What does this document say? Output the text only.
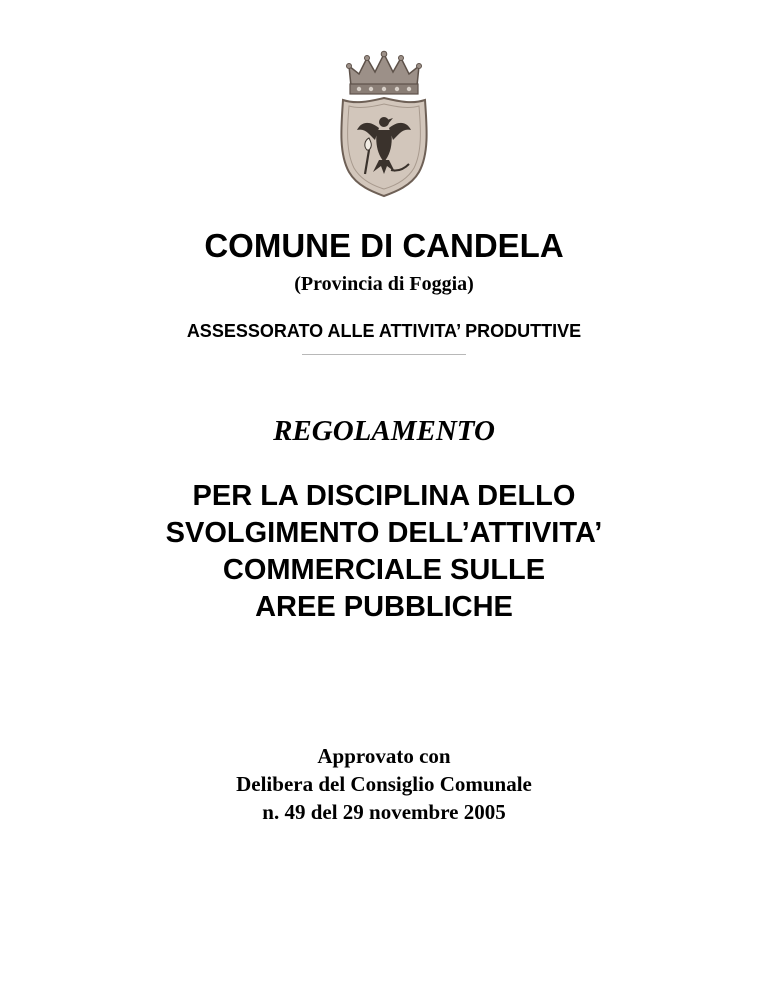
COMUNE DI CANDELA
(Provincia di Foggia)
ASSESSORATO ALLE ATTIVITA’ PRODUTTIVE
REGOLAMENTO
PER LA DISCIPLINA DELLO
SVOLGIMENTO DELL’ATTIVITA’
COMMERCIALE SULLE
AREE PUBBLICHE
Approvato con
Delibera del Consiglio Comunale
n. 49 del 29 novembre 2005
